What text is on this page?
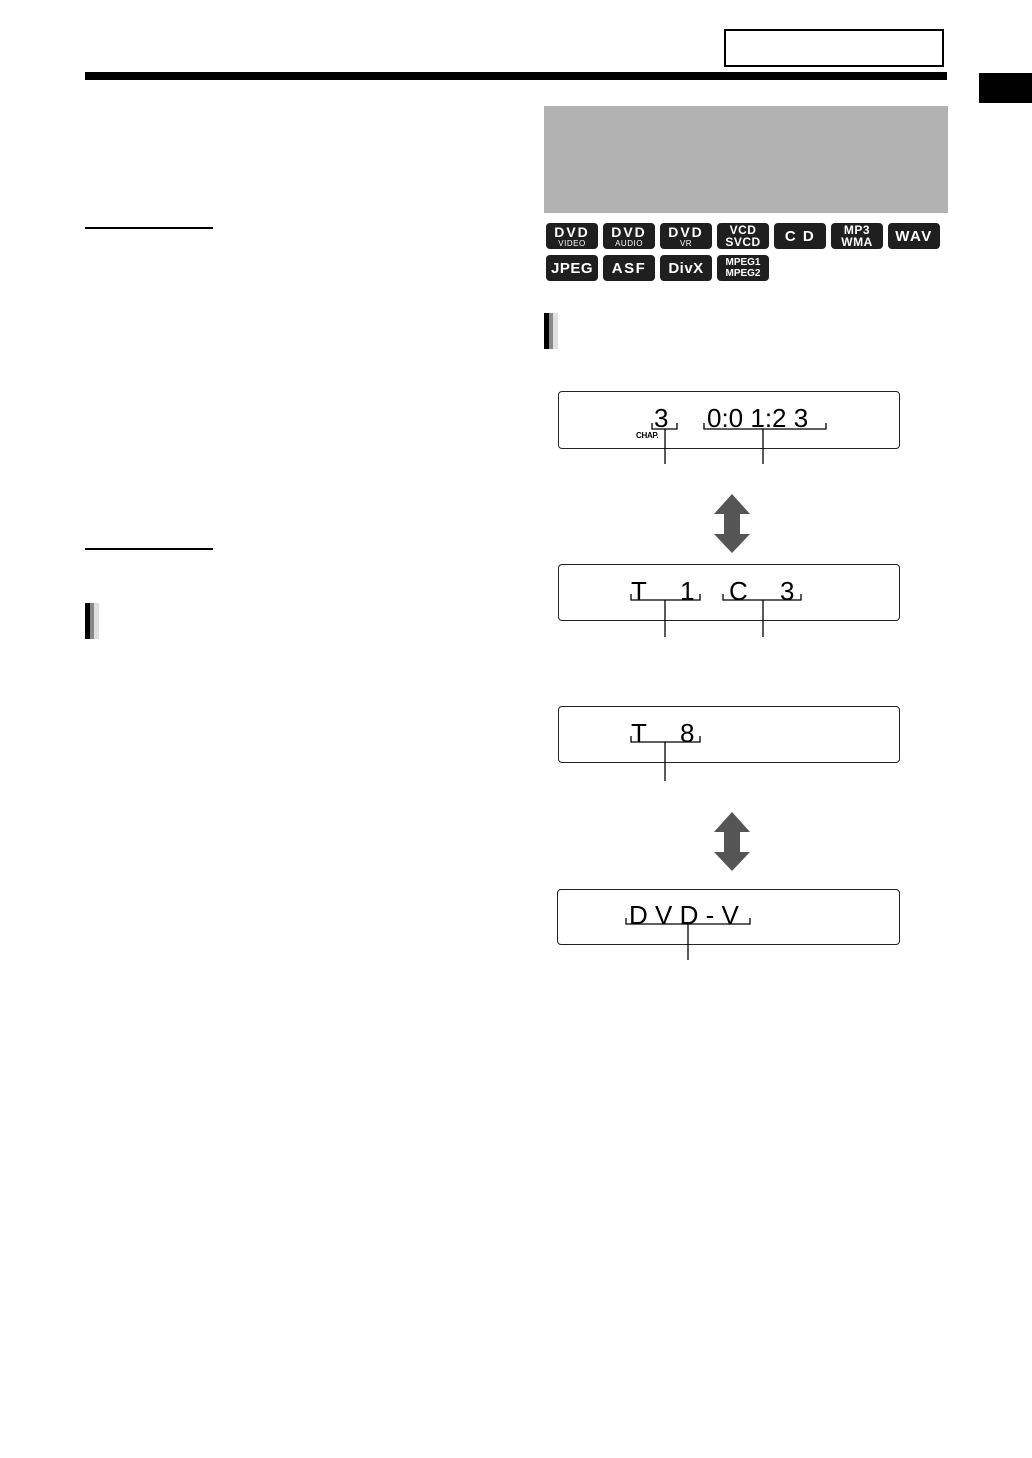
DVD
VIDEO
DVD
AUDIO
DVD
VR
VCD
SVCD C D MP3
WMA WAV
JPEG ASF DivX MPEG1
MPEG2
3
CHAP.
0:0 1:2 3
T 1 C 3
T 8
D V D - V
